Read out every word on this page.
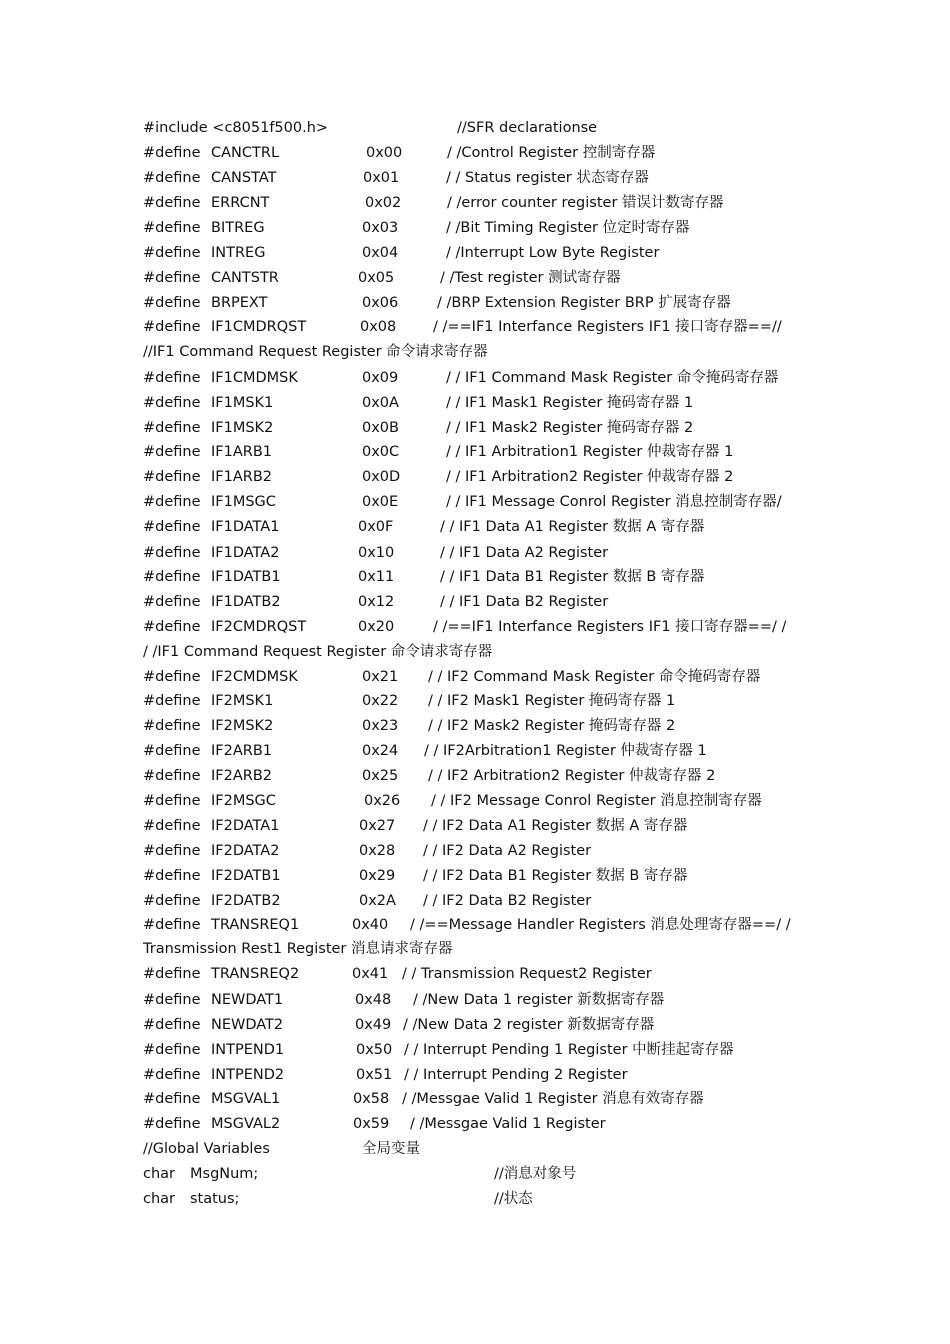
#include <c8051f500.h>	//SFR declarationse
#define CANCTRL	0x00	/ /Control Register 控制寄存器
#define CANSTAT	0x01	/ / Status register 状态寄存器
#define ERRCNT	0x02	/ /error counter register 错误计数寄存器
#define BITREG	0x03	/ /Bit Timing Register 位定时寄存器
#define INTREG	0x04	/ /Interrupt Low Byte Register
#define CANTSTR	0x05	/ /Test register 测试寄存器
#define BRPEXT	0x06	/ /BRP Extension Register BRP 扩展寄存器
#define IF1CMDRQST	0x08	/ /==IF1 Interfance Registers IF1 接口寄存器==//
//IF1 Command Request Register 命令请求寄存器
#define IF1CMDMSK	0x09	/ / IF1 Command Mask Register 命令掩码寄存器
#define IF1MSK1	0x0A	/ / IF1 Mask1 Register 掩码寄存器 1
#define IF1MSK2	0x0B	/ / IF1 Mask2 Register 掩码寄存器 2
#define IF1ARB1	0x0C	/ / IF1 Arbitration1 Register 仲裁寄存器 1
#define IF1ARB2	0x0D	/ / IF1 Arbitration2 Register 仲裁寄存器 2
#define IF1MSGC	0x0E	/ / IF1 Message Conrol Register 消息控制寄存器/
#define IF1DATA1	0x0F	/ / IF1 Data A1 Register 数据 A 寄存器
#define IF1DATA2	0x10	/ / IF1 Data A2 Register
#define IF1DATB1	0x11	/ / IF1 Data B1 Register 数据 B 寄存器
#define IF1DATB2	0x12	/ / IF1 Data B2 Register
#define IF2CMDRQST	0x20	/ /==IF1 Interfance Registers IF1 接口寄存器==/ /
/ /IF1 Command Request Register 命令请求寄存器
#define IF2CMDMSK	0x21 / / IF2 Command Mask Register 命令掩码寄存器
#define IF2MSK1	0x22 / / IF2 Mask1 Register 掩码寄存器 1
#define IF2MSK2	0x23 / / IF2 Mask2 Register 掩码寄存器 2
#define IF2ARB1	0x24 / / IF2Arbitration1 Register 仲裁寄存器 1
#define IF2ARB2	0x25 / / IF2 Arbitration2 Register 仲裁寄存器 2
#define IF2MSGC	0x26 / / IF2 Message Conrol Register 消息控制寄存器
#define IF2DATA1	0x27 / / IF2 Data A1 Register 数据 A 寄存器
#define IF2DATA2	0x28 / / IF2 Data A2 Register
#define IF2DATB1	0x29 / / IF2 Data B1 Register 数据 B 寄存器
#define IF2DATB2	0x2A / / IF2 Data B2 Register
#define TRANSREQ1	0x40 / /==Message Handler Registers 消息处理寄存器==/ /
Transmission Rest1 Register 消息请求寄存器
#define TRANSREQ2	0x41 / / Transmission Request2 Register
#define NEWDAT1	0x48 / /New Data 1 register 新数据寄存器
#define NEWDAT2	0x49 / /New Data 2 register 新数据寄存器
#define INTPEND1	0x50 / / Interrupt Pending 1 Register 中断挂起寄存器
#define INTPEND2	0x51 / / Interrupt Pending 2 Register
#define MSGVAL1	0x58 / /Messgae Valid 1 Register 消息有效寄存器
#define MSGVAL2	0x59 / /Messgae Valid 1 Register
//Global Variables	全局变量
char MsgNum;	//消息对象号
char status;	//状态
